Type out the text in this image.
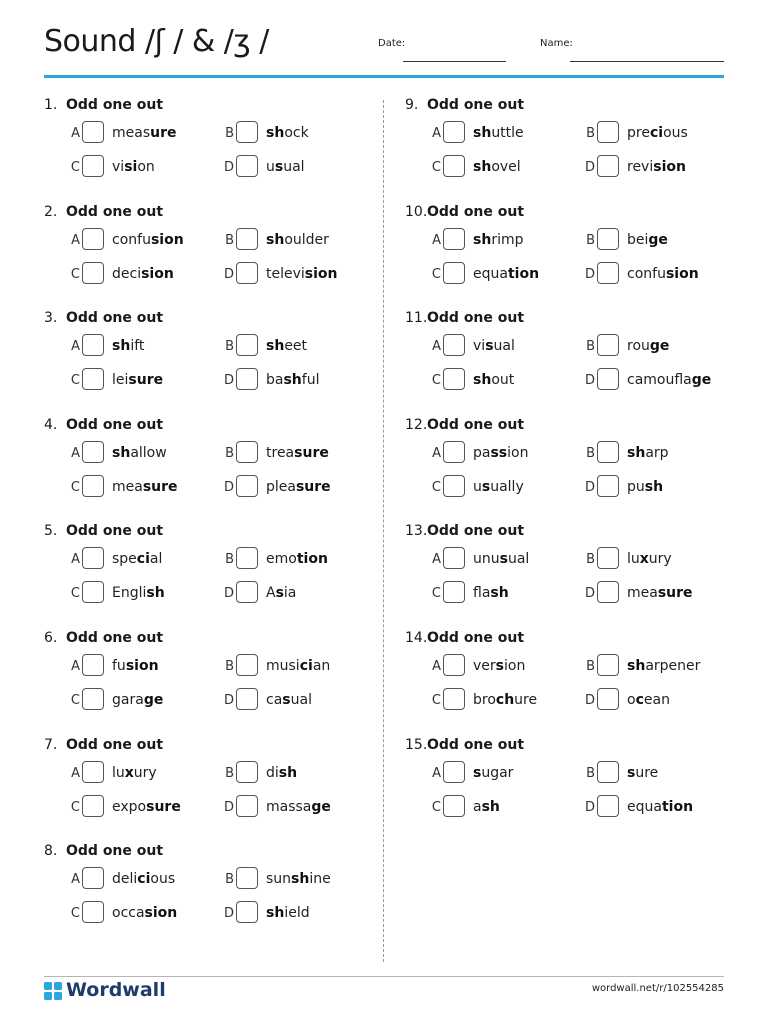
Sound /ʃ / & /ʒ /	Date:	Name:
1. Odd one out
A measure	B shock
C vision	D usual
2. Odd one out
A confusion	B shoulder
C decision	D television
3. Odd one out
A shift	B sheet
C leisure	D bashful
4. Odd one out
A shallow	B treasure
C measure	D pleasure
5. Odd one out
A special	B emotion
C English	D Asia
6. Odd one out
A fusion	B musician
C garage	D casual
7. Odd one out
A luxury	B dish
C exposure	D massage
8. Odd one out
A delicious	B sunshine
C occasion	D shield
9. Odd one out
A shuttle	B precious
C shovel	D revision
10. Odd one out
A shrimp	B beige
C equation	D confusion
11. Odd one out
A visual	B rouge
C shout	D camouflage
12. Odd one out
A passion	B sharp
C usually	D push
13. Odd one out
A unusual	B luxury
C flash	D measure
14. Odd one out
A version	B sharpener
C brochure	D ocean
15. Odd one out
A sugar	B sure
C ash	D equation
Wordwall	wordwall.net/r/102554285
